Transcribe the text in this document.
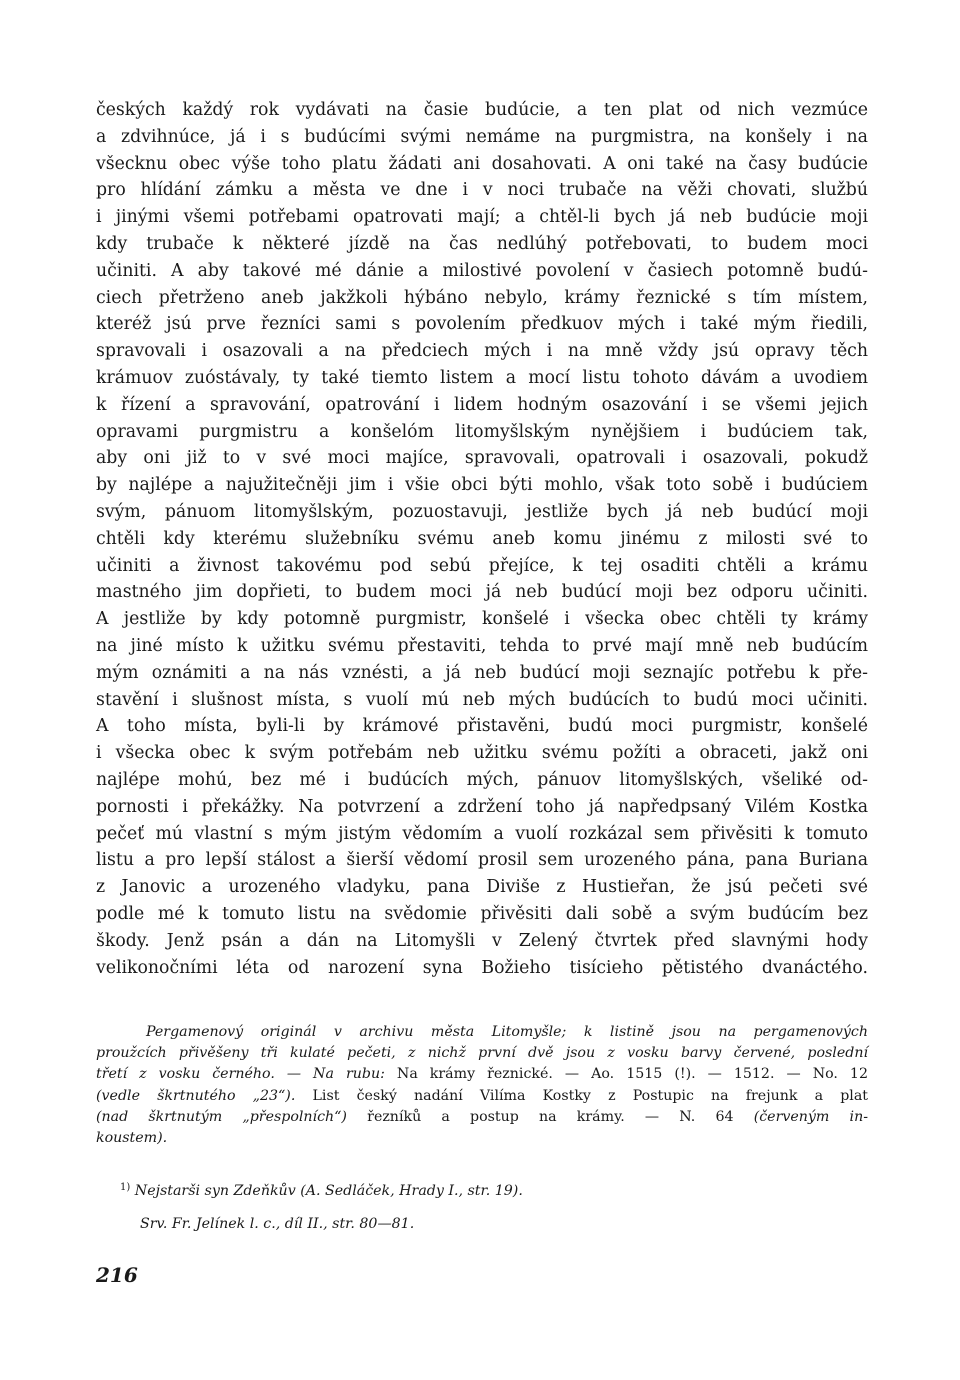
českých každý rok vydávati na časie budúcie, a ten plat od nich vezmúce
a zdvihnúce, já i s budúcími svými nemáme na purgmistra, na konšely i na
všecknu obec výše toho platu žádati ani dosahovati. A oni také na časy budúcie
pro hlídání zámku a města ve dne i v noci trubače na věži chovati, službú
i jinými všemi potřebami opatrovati mají; a chtěl-li bych já neb budúcie moji
kdy trubače k některé jízdě na čas nedlúhý potřebovati, to budem moci
učiniti. A aby takové mé dánie a milostivé povolení v časiech potomně budú-
ciech přetrženo aneb jakžkoli hýbáno nebylo, krámy řeznické s tím místem,
kteréž jsú prve řezníci sami s povolením předkuov mých i také mým řiedili,
spravovali i osazovali a na předciech mých i na mně vždy jsú opravy těch
krámuov zuóstávaly, ty také tiemto listem a mocí listu tohoto dávám a uvodiem
k řízení a spravování, opatrování i lidem hodným osazování i se všemi jejich
opravami purgmistru a konšelóm litomyšlským nynějšiem i budúciem tak,
aby oni již to v své moci majíce, spravovali, opatrovali i osazovali, pokudž
by najlépe a najužitečněji jim i všie obci býti mohlo, však toto sobě i budúciem
svým, pánuom litomyšlským, pozuostavuji, jestliže bych já neb budúcí moji
chtěli kdy kterému služebníku svému aneb komu jinému z milosti své to
učiniti a živnost takovému pod sebú přejíce, k tej osaditi chtěli a krámu
mastného jim dopřieti, to budem moci já neb budúcí moji bez odporu učiniti.
A jestliže by kdy potomně purgmistr, konšelé i všecka obec chtěli ty krámy
na jiné místo k užitku svému přestaviti, tehda to prvé mají mně neb budúcím
mým oznámiti a na nás vznésti, a já neb budúcí moji seznajíc potřebu k pře-
stavění i slušnost místa, s vuolí mú neb mých budúcích to budú moci učiniti.
A toho místa, byli-li by krámové přistavěni, budú moci purgmistr, konšelé
i všecka obec k svým potřebám neb užitku svému požíti a obraceti, jakž oni
najlépe mohú, bez mé i budúcích mých, pánuov litomyšlských, všeliké od-
pornosti i překážky. Na potvrzení a zdržení toho já napředpsaný Vilém Kostka
pečeť mú vlastní s mým jistým vědomím a vuolí rozkázal sem přivěsiti k tomuto
listu a pro lepší stálost a šierší vědomí prosil sem urozeného pána, pana Buriana
z Janovic a urozeného vladyku, pana Diviše z Hustieřan, že jsú pečeti své
podle mé k tomuto listu na svědomie přivěsiti dali sobě a svým budúcím bez
škody. Jenž psán a dán na Litomyšli v Zelený čtvrtek před slavnými hody
velikonočními léta od narození syna Božieho tisícieho pětistého dvanáctého.
Pergamenový originál v archivu města Litomyšle; k listině jsou na pergamenových
proužcích přivěšeny tři kulaté pečeti, z nichž první dvě jsou z vosku barvy červené, poslední
třetí z vosku černého. — Na rubu: Na krámy řeznické. — Ao. 1515 (!). — 1512. — No. 12
(vedle škrtnutého „23“). List český nadání Vilíma Kostky z Postupic na frejunk a plat
(nad škrtnutým „přespolních“) řezníků a postup na krámy. — N. 64 (červeným in-
koustem).
$^{1)}$ Nejstarši syn Zdeňkův (A. Sedláček, Hrady I., str. 19).
Srv. Fr. Jelínek l. c., díl II., str. 80—81.
216
